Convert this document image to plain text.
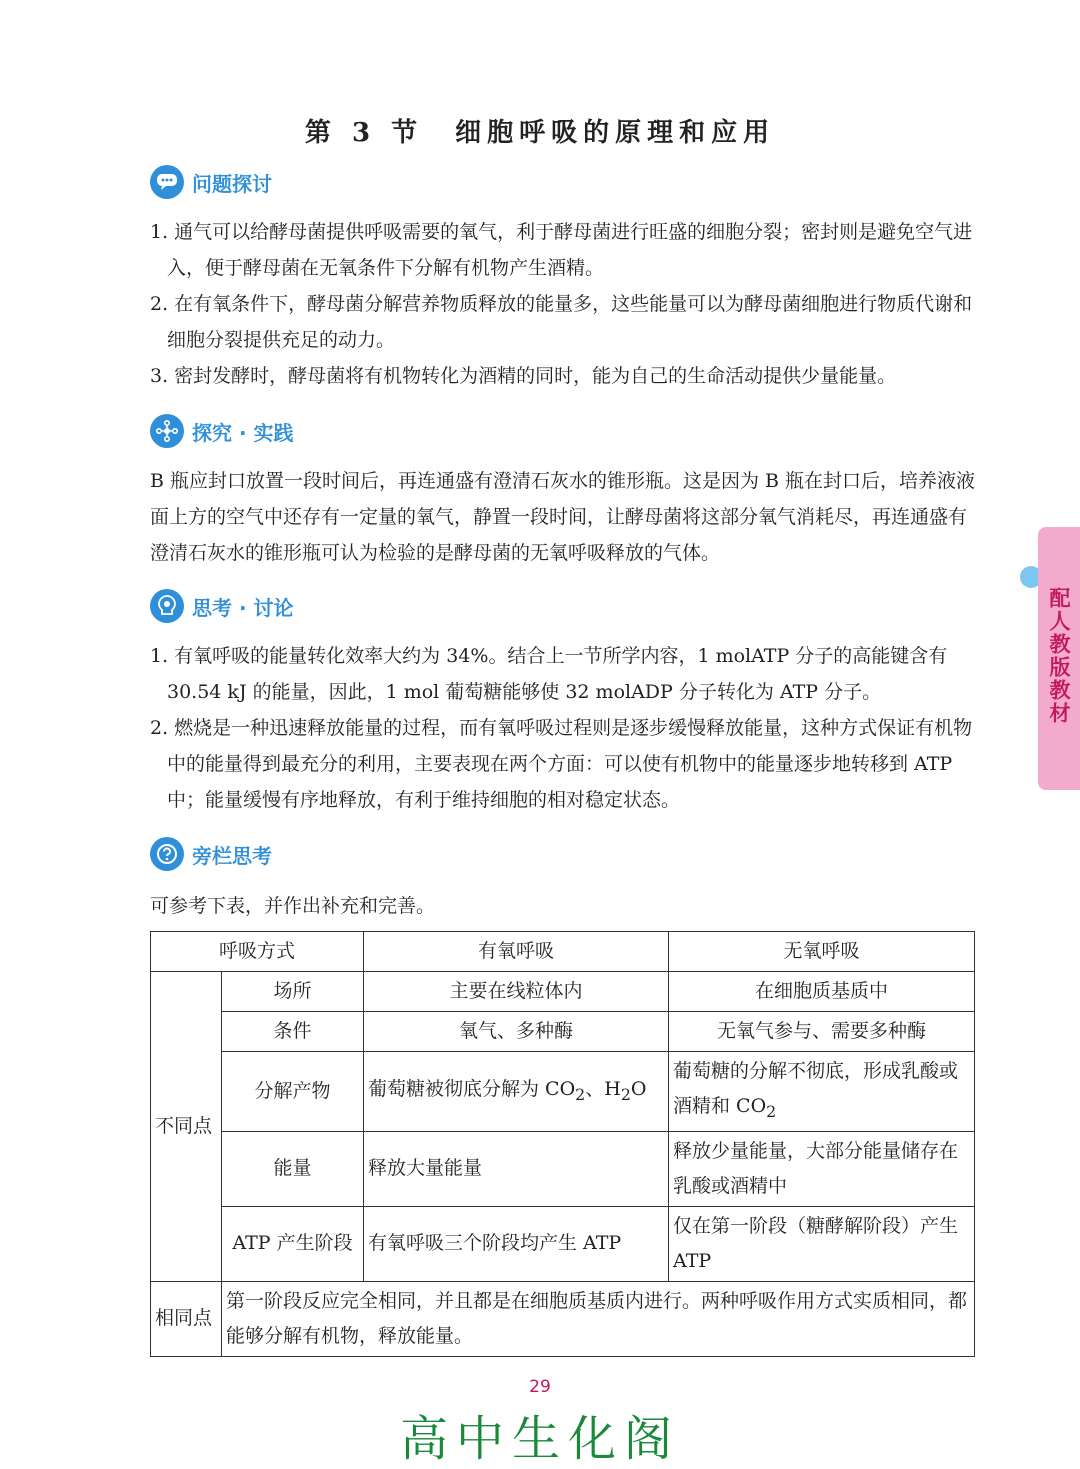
第 3 节　细胞呼吸的原理和应用
问题探讨
1. 通气可以给酵母菌提供呼吸需要的氧气，利于酵母菌进行旺盛的细胞分裂；密封则是避免空气进入，便于酵母菌在无氧条件下分解有机物产生酒精。
2. 在有氧条件下，酵母菌分解营养物质释放的能量多，这些能量可以为酵母菌细胞进行物质代谢和细胞分裂提供充足的动力。
3. 密封发酵时，酵母菌将有机物转化为酒精的同时，能为自己的生命活动提供少量能量。
探究 · 实践
B 瓶应封口放置一段时间后，再连通盛有澄清石灰水的锥形瓶。这是因为 B 瓶在封口后，培养液液面上方的空气中还存有一定量的氧气，静置一段时间，让酵母菌将这部分氧气消耗尽，再连通盛有澄清石灰水的锥形瓶可认为检验的是酵母菌的无氧呼吸释放的气体。
思考 · 讨论
1. 有氧呼吸的能量转化效率大约为 34%。结合上一节所学内容，1 molATP 分子的高能键含有 30.54 kJ 的能量，因此，1 mol 葡萄糖能够使 32 molADP 分子转化为 ATP 分子。
2. 燃烧是一种迅速释放能量的过程，而有氧呼吸过程则是逐步缓慢释放能量，这种方式保证有机物中的能量得到最充分的利用，主要表现在两个方面：可以使有机物中的能量逐步地转移到 ATP 中；能量缓慢有序地释放，有利于维持细胞的相对稳定状态。
旁栏思考
可参考下表，并作出补充和完善。
呼吸方式		有氧呼吸	无氧呼吸
不同点	场所	主要在线粒体内	在细胞质基质中
	条件	氧气、多种酶	无氧气参与、需要多种酶
	分解产物	葡萄糖被彻底分解为 $CO_2$、$H_2O$	葡萄糖的分解不彻底，形成乳酸或酒精和 $CO_2$
	能量	释放大量能量	释放少量能量，大部分能量储存在乳酸或酒精中
	ATP 产生阶段	有氧呼吸三个阶段均产生 ATP	仅在第一阶段（糖酵解阶段）产生 ATP
相同点	第一阶段反应完全相同，并且都是在细胞质基质内进行。两种呼吸作用方式实质相同，都能够分解有机物，释放能量。		
配人教版教材
29
高中生化阁
